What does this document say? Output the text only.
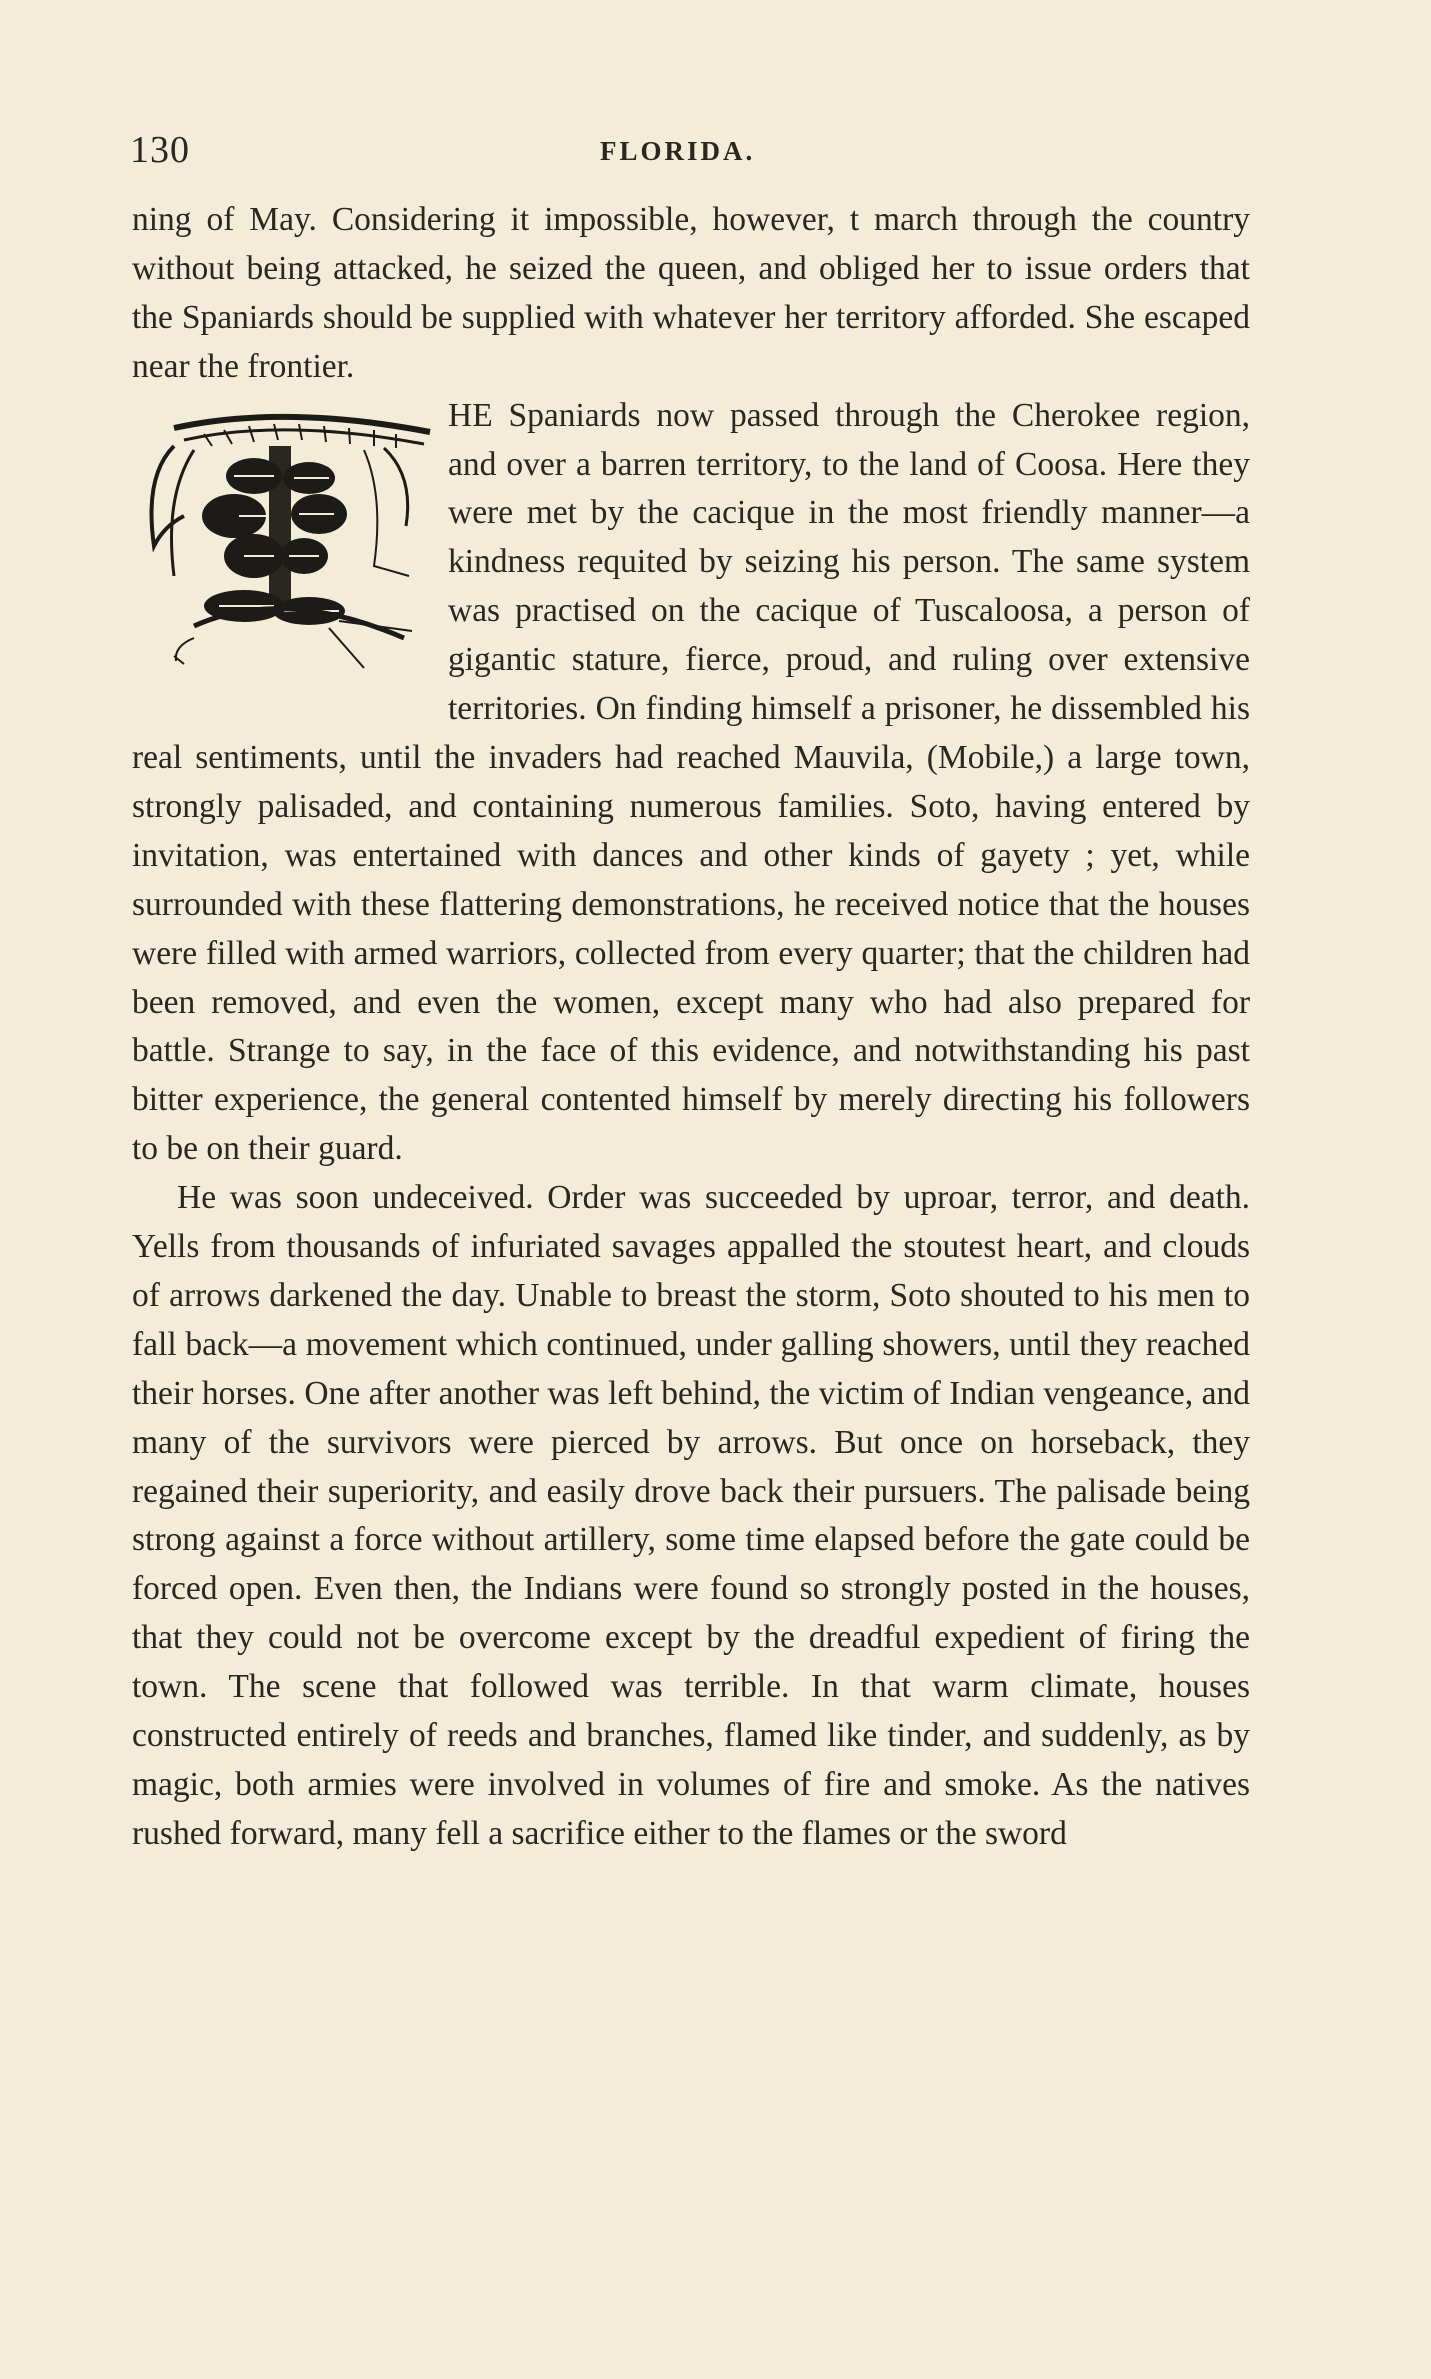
130	FLORIDA.

ning of May. Considering it impossible, however, t march through the country without being attacked, he seized the queen, and obliged her to issue orders that the Spaniards should be supplied with whatever her territory afforded. She escaped near the frontier.

HE Spaniards now passed through the Cherokee region, and over a barren territory, to the land of Coosa. Here they were met by the cacique in the most friendly manner—a kindness requited by seizing his person. The same system was practised on the cacique of Tuscaloosa, a person of gigantic stature, fierce, proud, and ruling over extensive territories. On finding himself a prisoner, he dissembled his real sentiments, until the invaders had reached Mauvila, (Mobile,) a large town, strongly palisaded, and containing numerous families. Soto, having entered by invitation, was entertained with dances and other kinds of gayety ; yet, while surrounded with these flattering demonstrations, he received notice that the houses were filled with armed warriors, collected from every quarter; that the children had been removed, and even the women, except many who had also prepared for battle. Strange to say, in the face of this evidence, and notwithstanding his past bitter experience, the general contented himself by merely directing his followers to be on their guard.

He was soon undeceived. Order was succeeded by uproar, terror, and death. Yells from thousands of infuriated savages appalled the stoutest heart, and clouds of arrows darkened the day. Unable to breast the storm, Soto shouted to his men to fall back—a movement which continued, under galling showers, until they reached their horses. One after another was left behind, the victim of Indian vengeance, and many of the survivors were pierced by arrows. But once on horseback, they regained their superiority, and easily drove back their pursuers. The palisade being strong against a force without artillery, some time elapsed before the gate could be forced open. Even then, the Indians were found so strongly posted in the houses, that they could not be overcome except by the dreadful expedient of firing the town. The scene that followed was terrible. In that warm climate, houses constructed entirely of reeds and branches, flamed like tinder, and suddenly, as by magic, both armies were involved in volumes of fire and smoke. As the natives rushed forward, many fell a sacrifice either to the flames or the sword
